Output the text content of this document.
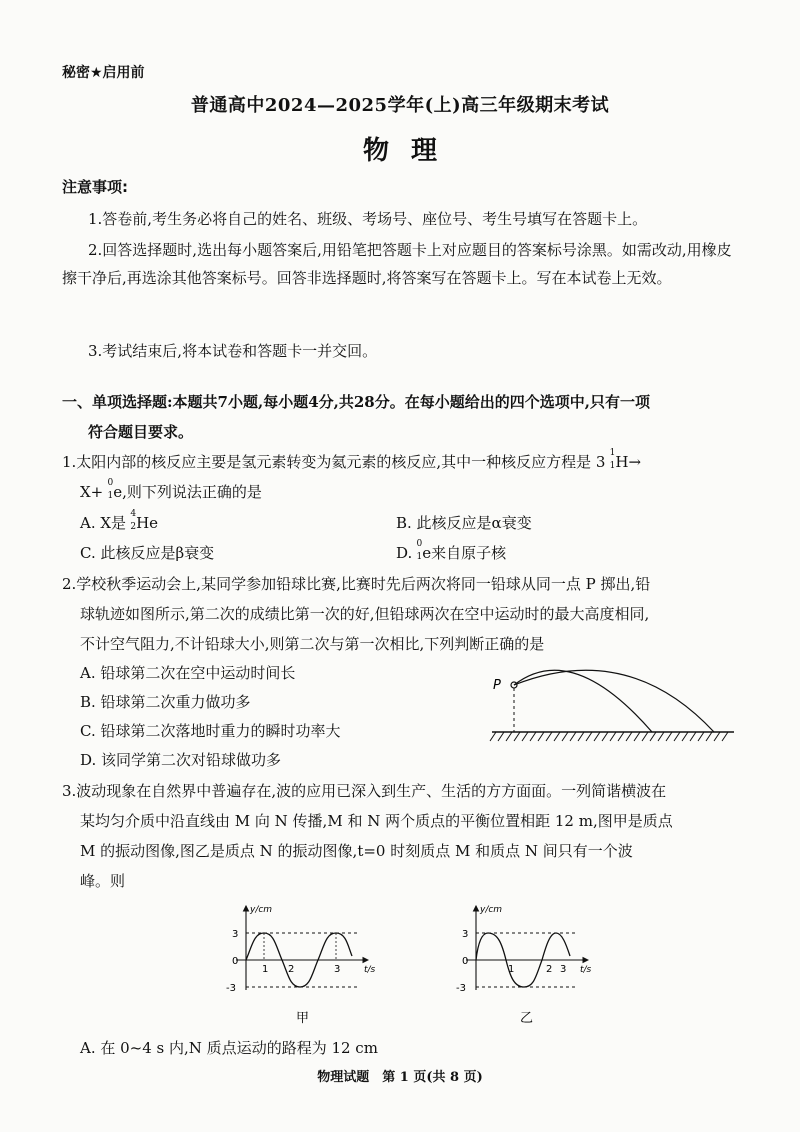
秘密★启用前
普通高中2024—2025学年(上)高三年级期末考试
物理
注意事项:
1.答卷前,考生务必将自己的姓名、班级、考场号、座位号、考生号填写在答题卡上。
2.回答选择题时,选出每小题答案后,用铅笔把答题卡上对应题目的答案标号涂黑。如需改动,用橡皮擦干净后,再选涂其他答案标号。回答非选择题时,将答案写在答题卡上。写在本试卷上无效。
3.考试结束后,将本试卷和答题卡一并交回。
一、单项选择题:本题共7小题,每小题4分,共28分。在每小题给出的四个选项中,只有一项
符合题目要求。
1.太阳内部的核反应主要是氢元素转变为氦元素的核反应,其中一种核反应方程是 3 1
1 H→
X+ 0
1 e,则下列说法正确的是
A. X是 4
2 He	B. 此核反应是α衰变
C. 此核反应是β衰变	D. 0
1 e来自原子核
2.学校秋季运动会上,某同学参加铅球比赛,比赛时先后两次将同一铅球从同一点 P 掷出,铅
球轨迹如图所示,第二次的成绩比第一次的好,但铅球两次在空中运动时的最大高度相同,
不计空气阻力,不计铅球大小,则第二次与第一次相比,下列判断正确的是
A. 铅球第二次在空中运动时间长
B. 铅球第二次重力做功多
C. 铅球第二次落地时重力的瞬时功率大
D. 该同学第二次对铅球做功多
P
3.波动现象在自然界中普遍存在,波的应用已深入到生产、生活的方方面面。一列简谐横波在
某均匀介质中沿直线由 M 向 N 传播,M 和 N 两个质点的平衡位置相距 12 m,图甲是质点
M 的振动图像,图乙是质点 N 的振动图像,t=0 时刻质点 M 和质点 N 间只有一个波
峰。则
y/cm
t/s
3
0
-3
1 2	3
甲
y/cm
t/s
3
0
-3
1	2 3
乙
A. 在 0~4 s 内,N 质点运动的路程为 12 cm
物理试题　第 1 页(共 8 页)
